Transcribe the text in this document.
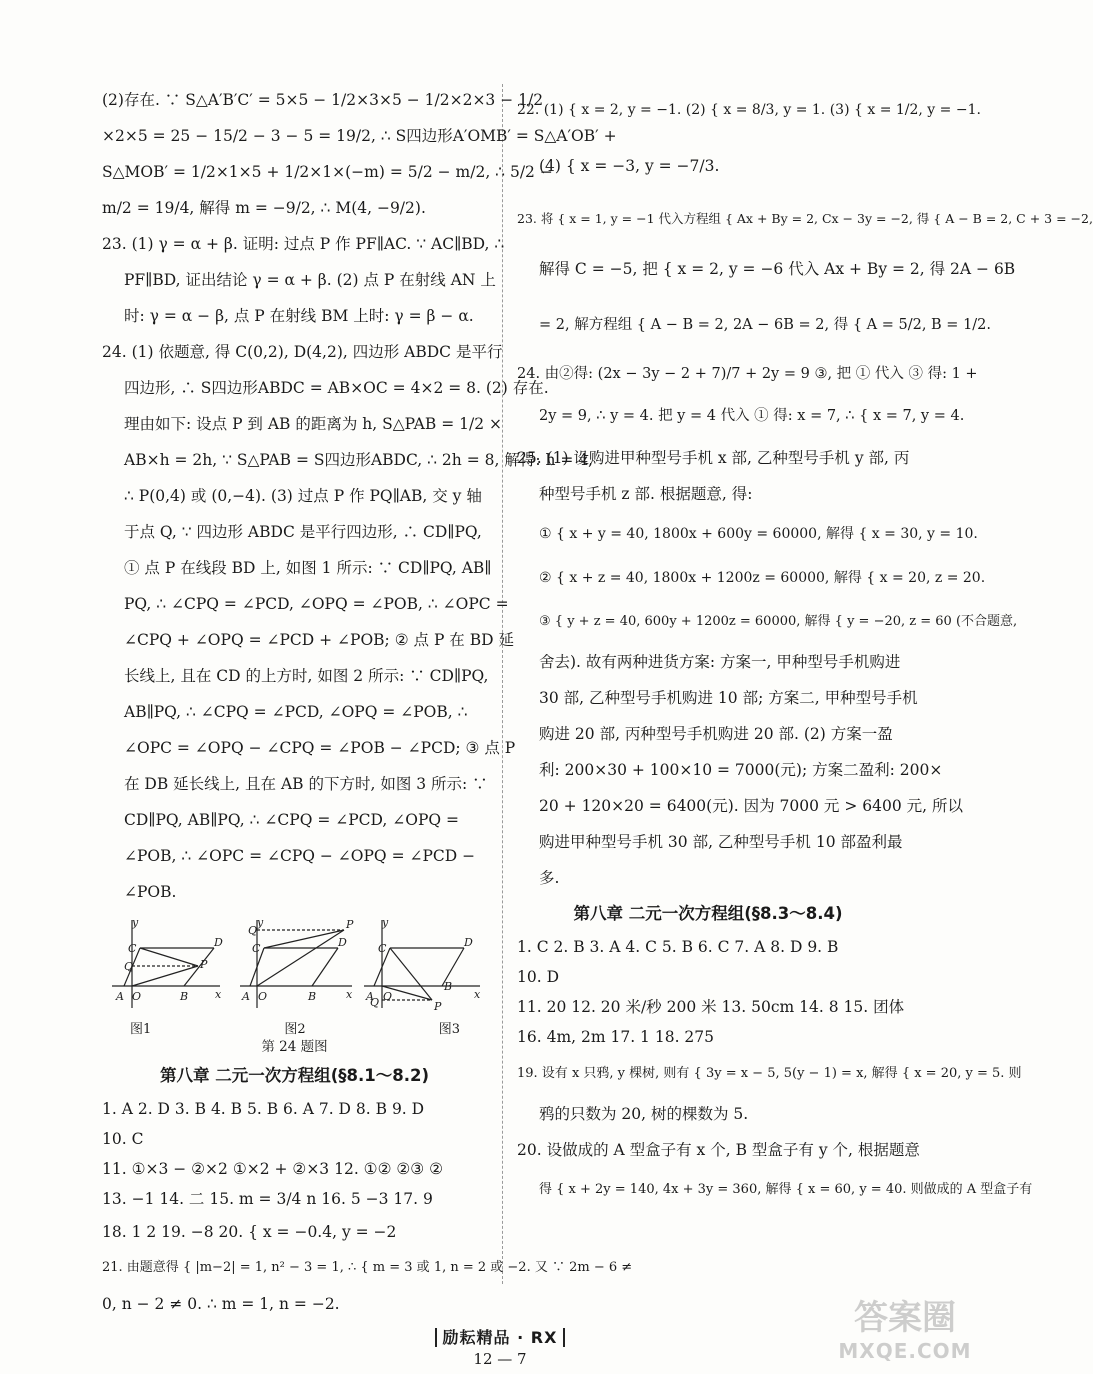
(2)存在. ∵ S△A′B′C′ = 5×5 − 1/2×3×5 − 1/2×2×3 − 1/2
×2×5 = 25 − 15/2 − 3 − 5 = 19/2, ∴ S四边形A′OMB′ = S△A′OB′ +
S△MOB′ = 1/2×1×5 + 1/2×1×(−m) = 5/2 − m/2, ∴ 5/2 −
m/2 = 19/4, 解得 m = −9/2, ∴ M(4, −9/2).
23. (1) γ = α + β. 证明: 过点 P 作 PF∥AC. ∵ AC∥BD, ∴
PF∥BD, 证出结论 γ = α + β. (2) 点 P 在射线 AN 上
时: γ = α − β, 点 P 在射线 BM 上时: γ = β − α.
24. (1) 依题意, 得 C(0,2), D(4,2), 四边形 ABDC 是平行
四边形, ∴ S四边形ABDC = AB×OC = 4×2 = 8. (2) 存在.
理由如下: 设点 P 到 AB 的距离为 h, S△PAB = 1/2 ×
AB×h = 2h, ∵ S△PAB = S四边形ABDC, ∴ 2h = 8, 解得: h = 4,
∴ P(0,4) 或 (0,−4). (3) 过点 P 作 PQ∥AB, 交 y 轴
于点 Q, ∵ 四边形 ABDC 是平行四边形, ∴ CD∥PQ,
① 点 P 在线段 BD 上, 如图 1 所示: ∵ CD∥PQ, AB∥
PQ, ∴ ∠CPQ = ∠PCD, ∠OPQ = ∠POB, ∴ ∠OPC =
∠CPQ + ∠OPQ = ∠PCD + ∠POB; ② 点 P 在 BD 延
长线上, 且在 CD 的上方时, 如图 2 所示: ∵ CD∥PQ,
AB∥PQ, ∴ ∠CPQ = ∠PCD, ∠OPQ = ∠POB, ∴
∠OPC = ∠OPQ − ∠CPQ = ∠POB − ∠PCD; ③ 点 P
在 DB 延长线上, 且在 AB 的下方时, 如图 3 所示: ∵
CD∥PQ, AB∥PQ, ∴ ∠CPQ = ∠PCD, ∠OPQ =
∠POB, ∴ ∠OPC = ∠CPQ − ∠OPQ = ∠PCD −
∠POB.
y
A O	B x
C	D
P
Q
y
A O	B	x
C	D
P
Q
y
A O
B
x
C	D
P
Q
图1	图2	图3
第 24 题图
第八章 二元一次方程组(§8.1～8.2)
1. A 2. D 3. B 4. B 5. B 6. A 7. D 8. B 9. D
10. C
11. ①×3 − ②×2 ①×2 + ②×3 12. ①② ②③ ②
13. −1 14. 二 15. m = 3/4 n 16. 5 −3 17. 9
18. 1 2 19. −8 20. { x = −0.4, y = −2
21. 由题意得 { |m−2| = 1, n² − 3 = 1, ∴ { m = 3 或 1, n = 2 或 −2. 又 ∵ 2m − 6 ≠
0, n − 2 ≠ 0. ∴ m = 1, n = −2.
22. (1) { x = 2, y = −1. (2) { x = 8/3, y = 1. (3) { x = 1/2, y = −1.
(4) { x = −3, y = −7/3.
23. 将 { x = 1, y = −1 代入方程组 { Ax + By = 2, Cx − 3y = −2, 得 { A − B = 2, C + 3 = −2,
解得 C = −5, 把 { x = 2, y = −6 代入 Ax + By = 2, 得 2A − 6B
= 2, 解方程组 { A − B = 2, 2A − 6B = 2, 得 { A = 5/2, B = 1/2.
24. 由②得: (2x − 3y − 2 + 7)/7 + 2y = 9 ③, 把 ① 代入 ③ 得: 1 +
2y = 9, ∴ y = 4. 把 y = 4 代入 ① 得: x = 7, ∴ { x = 7, y = 4.
25. (1) 设购进甲种型号手机 x 部, 乙种型号手机 y 部, 丙
种型号手机 z 部. 根据题意, 得:
① { x + y = 40, 1800x + 600y = 60000, 解得 { x = 30, y = 10.
② { x + z = 40, 1800x + 1200z = 60000, 解得 { x = 20, z = 20.
③ { y + z = 40, 600y + 1200z = 60000, 解得 { y = −20, z = 60 (不合题意,
舍去). 故有两种进货方案: 方案一, 甲种型号手机购进
30 部, 乙种型号手机购进 10 部; 方案二, 甲种型号手机
购进 20 部, 丙种型号手机购进 20 部. (2) 方案一盈
利: 200×30 + 100×10 = 7000(元); 方案二盈利: 200×
20 + 120×20 = 6400(元). 因为 7000 元 > 6400 元, 所以
购进甲种型号手机 30 部, 乙种型号手机 10 部盈利最
多.
第八章 二元一次方程组(§8.3～8.4)
1. C 2. B 3. A 4. C 5. B 6. C 7. A 8. D 9. B
10. D
11. 20 12. 20 米/秒 200 米 13. 50cm 14. 8 15. 团体
16. 4m, 2m 17. 1 18. 275
19. 设有 x 只鸦, y 棵树, 则有 { 3y = x − 5, 5(y − 1) = x, 解得 { x = 20, y = 5. 则
鸦的只数为 20, 树的棵数为 5.
20. 设做成的 A 型盒子有 x 个, B 型盒子有 y 个, 根据题意
得 { x + 2y = 140, 4x + 3y = 360, 解得 { x = 60, y = 40. 则做成的 A 型盒子有
励耘精品 · RX
12 — 7
答案圈
MXQE.COM
